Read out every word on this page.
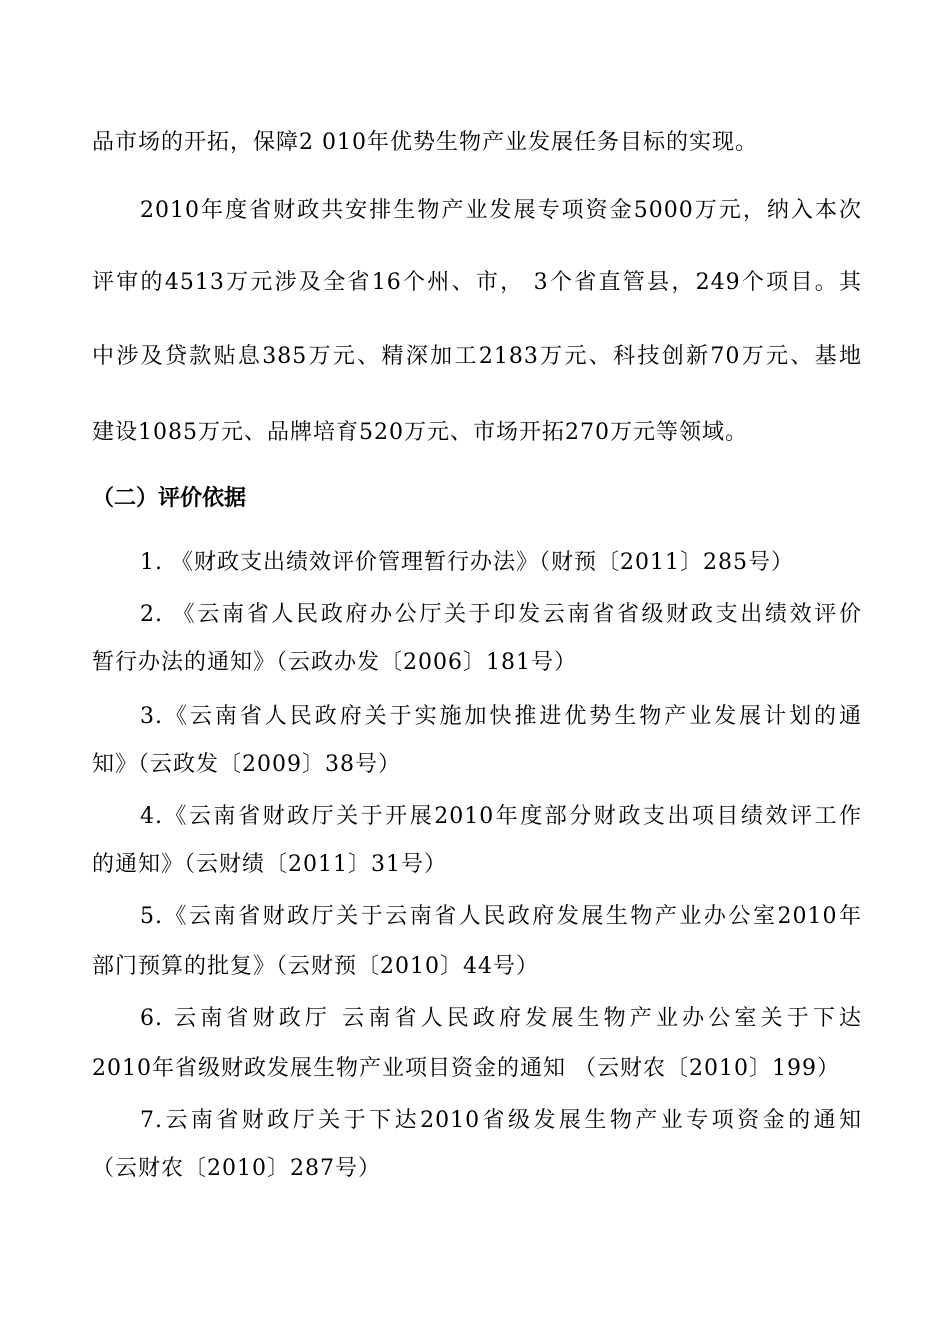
品市场的开拓，保障2 010年优势生物产业发展任务目标的实现。
2010年度省财政共安排生物产业发展专项资金5000万元，纳入本次
评审的4513万元涉及全省16个州、市， 3个省直管县，249个项目。其
中涉及贷款贴息385万元、精深加工2183万元、科技创新70万元、基地
建设1085万元、品牌培育520万元、市场开拓270万元等领域。
（二）评价依据
1. 《财政支出绩效评价管理暂行办法》（财预〔2011〕285号）
2. 《云南省人民政府办公厅关于印发云南省省级财政支出绩效评价
暂行办法的通知》（云政办发〔2006〕181号）
3.《云南省人民政府关于实施加快推进优势生物产业发展计划的通
知》（云政发〔2009〕38号）
4.《云南省财政厅关于开展2010年度部分财政支出项目绩效评工作
的通知》（云财绩〔2011〕31号）
5.《云南省财政厅关于云南省人民政府发展生物产业办公室2010年
部门预算的批复》（云财预〔2010〕44号）
6. 云南省财政厅 云南省人民政府发展生物产业办公室关于下达
2010年省级财政发展生物产业项目资金的通知 （云财农〔2010〕199）
7.云南省财政厅关于下达2010省级发展生物产业专项资金的通知
（云财农〔2010〕287号）
